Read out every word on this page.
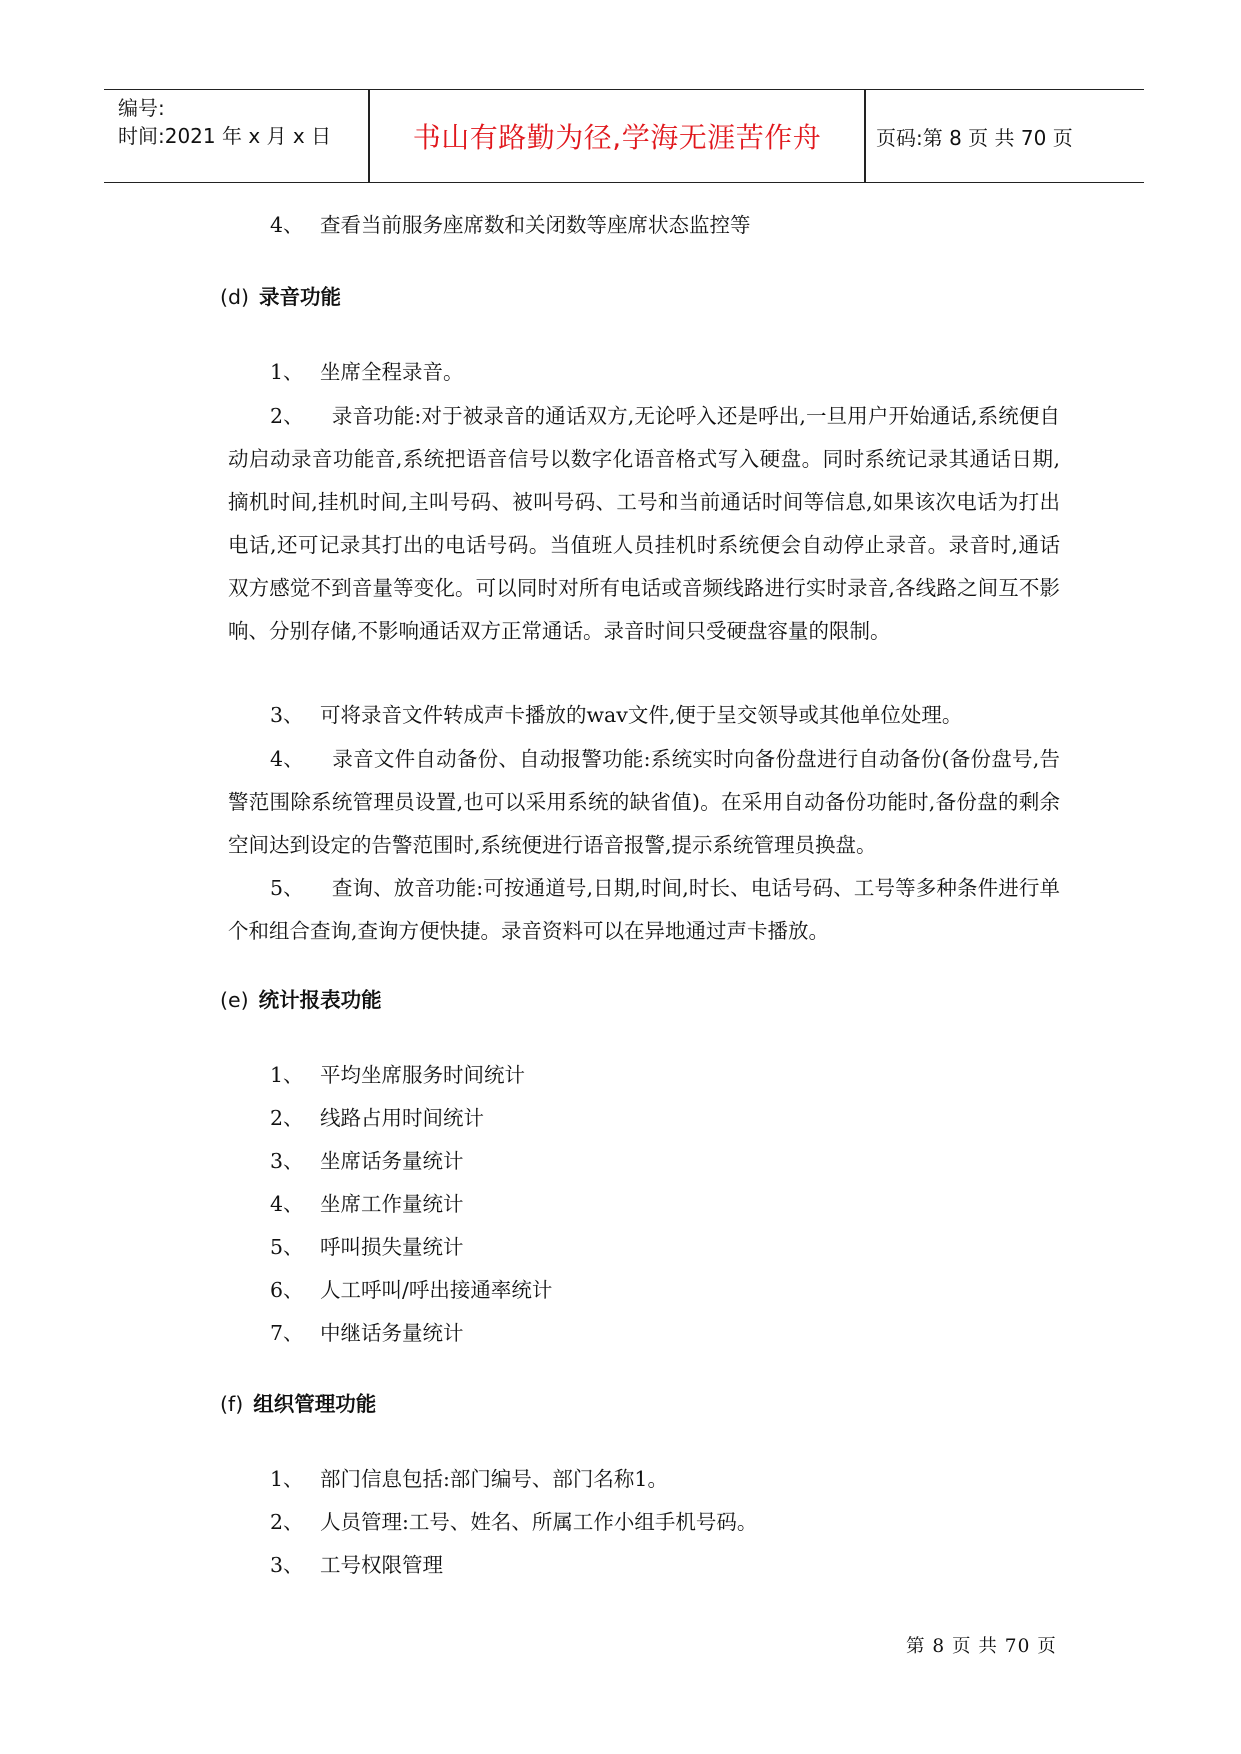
编号:
时间:2021 年 x 月 x 日	书山有路勤为径,学海无涯苦作舟	页码:第 8 页 共 70 页
4、 查看当前服务座席数和关闭数等座席状态监控等
(d) 录音功能
1、 坐席全程录音。
2、 录音功能:对于被录音的通话双方,无论呼入还是呼出,一旦用户开始通话,系统便自动启动录音功能音,系统把语音信号以数字化语音格式写入硬盘。同时系统记录其通话日期,摘机时间,挂机时间,主叫号码、被叫号码、工号和当前通话时间等信息,如果该次电话为打出电话,还可记录其打出的电话号码。当值班人员挂机时系统便会自动停止录音。录音时,通话双方感觉不到音量等变化。可以同时对所有电话或音频线路进行实时录音,各线路之间互不影响、分别存储,不影响通话双方正常通话。录音时间只受硬盘容量的限制。
3、 可将录音文件转成声卡播放的wav文件,便于呈交领导或其他单位处理。
4、 录音文件自动备份、自动报警功能:系统实时向备份盘进行自动备份(备份盘号,告警范围除系统管理员设置,也可以采用系统的缺省值)。在采用自动备份功能时,备份盘的剩余空间达到设定的告警范围时,系统便进行语音报警,提示系统管理员换盘。
5、 查询、放音功能:可按通道号,日期,时间,时长、电话号码、工号等多种条件进行单个和组合查询,查询方便快捷。录音资料可以在异地通过声卡播放。
(e) 统计报表功能
1、 平均坐席服务时间统计
2、 线路占用时间统计
3、 坐席话务量统计
4、 坐席工作量统计
5、 呼叫损失量统计
6、 人工呼叫/呼出接通率统计
7、 中继话务量统计
(f) 组织管理功能
1、 部门信息包括:部门编号、部门名称1。
2、 人员管理:工号、姓名、所属工作小组手机号码。
3、 工号权限管理
第 8 页 共 70 页
